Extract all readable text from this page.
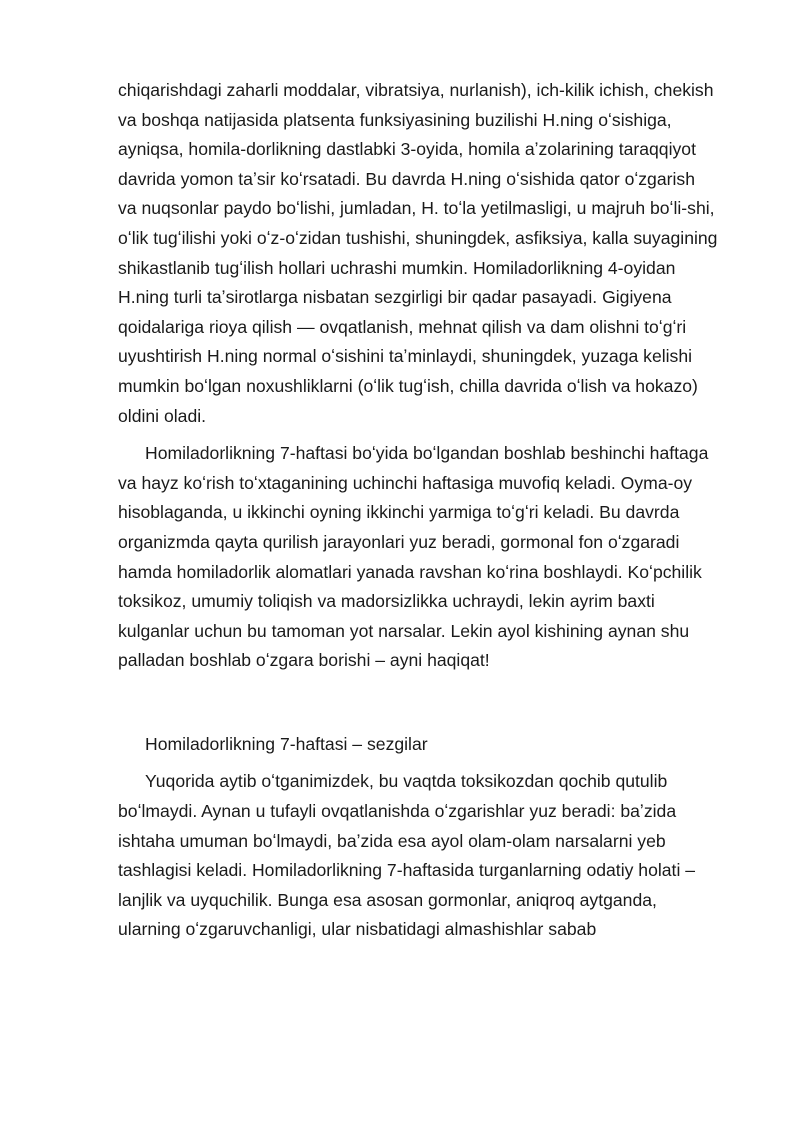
chiqarishdagi zaharli moddalar, vibratsiya, nurlanish), ich-kilik ichish, chekish va boshqa natijasida platsenta funksiyasining buzilishi H.ning oʻsishiga, ayniqsa, homila-dorlikning dastlabki 3-oyida, homila aʼzolarining taraqqiyot davrida yomon taʼsir koʻrsatadi. Bu davrda H.ning oʻsishida qator oʻzgarish va nuqsonlar paydo boʻlishi, jumladan, H. toʻla yetilmasligi, u majruh boʻli-shi, oʻlik tugʻilishi yoki oʻz-oʻzidan tushishi, shuningdek, asfiksiya, kalla suyagining shikastlanib tugʻilish hollari uchrashi mumkin. Homiladorlikning 4-oyidan H.ning turli taʼsirotlarga nisbatan sezgirligi bir qadar pasayadi. Gigiyena qoidalariga rioya qilish — ovqatlanish, mehnat qilish va dam olishni toʻgʻri uyushtirish H.ning normal oʻsishini taʼminlaydi, shuningdek, yuzaga kelishi mumkin boʻlgan noxushliklarni (oʻlik tugʻish, chilla davrida oʻlish va hokazo) oldini oladi.

Homiladorlikning 7-haftasi boʻyida boʻlgandan boshlab beshinchi haftaga va hayz koʻrish toʻxtaganining uchinchi haftasiga muvofiq keladi. Oyma-oy hisoblaganda, u ikkinchi oyning ikkinchi yarmiga toʻgʻri keladi. Bu davrda organizmda qayta qurilish jarayonlari yuz beradi, gormonal fon oʻzgaradi hamda homiladorlik alomatlari yanada ravshan koʻrina boshlaydi. Koʻpchilik toksikoz, umumiy toliqish va madorsizlikka uchraydi, lekin ayrim baxti kulganlar uchun bu tamoman yot narsalar. Lekin ayol kishining aynan shu palladan boshlab oʻzgara borishi – ayni haqiqat!

Homiladorlikning 7-haftasi – sezgilar

Yuqorida aytib oʻtganimizdek, bu vaqtda toksikozdan qochib qutulib boʻlmaydi. Aynan u tufayli ovqatlanishda oʻzgarishlar yuz beradi: baʼzida ishtaha umuman boʻlmaydi, baʼzida esa ayol olam-olam narsalarni yeb tashlagisi keladi. Homiladorlikning 7-haftasida turganlarning odatiy holati – lanjlik va uyquchilik. Bunga esa asosan gormonlar, aniqroq aytganda, ularning oʻzgaruvchanligi, ular nisbatidagi almashishlar sabab
